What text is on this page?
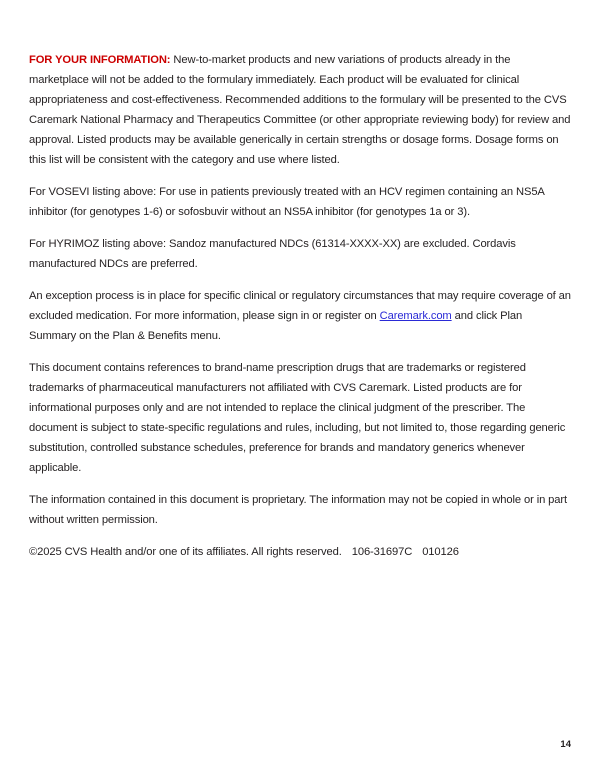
FOR YOUR INFORMATION: New-to-market products and new variations of products already in the marketplace will not be added to the formulary immediately. Each product will be evaluated for clinical appropriateness and cost-effectiveness. Recommended additions to the formulary will be presented to the CVS Caremark National Pharmacy and Therapeutics Committee (or other appropriate reviewing body) for review and approval. Listed products may be available generically in certain strengths or dosage forms. Dosage forms on this list will be consistent with the category and use where listed.

For VOSEVI listing above: For use in patients previously treated with an HCV regimen containing an NS5A inhibitor (for genotypes 1-6) or sofosbuvir without an NS5A inhibitor (for genotypes 1a or 3).

For HYRIMOZ listing above: Sandoz manufactured NDCs (61314-XXXX-XX) are excluded. Cordavis manufactured NDCs are preferred.

An exception process is in place for specific clinical or regulatory circumstances that may require coverage of an excluded medication. For more information, please sign in or register on Caremark.com and click Plan Summary on the Plan & Benefits menu.

This document contains references to brand-name prescription drugs that are trademarks or registered trademarks of pharmaceutical manufacturers not affiliated with CVS Caremark. Listed products are for informational purposes only and are not intended to replace the clinical judgment of the prescriber. The document is subject to state-specific regulations and rules, including, but not limited to, those regarding generic substitution, controlled substance schedules, preference for brands and mandatory generics whenever applicable.

The information contained in this document is proprietary. The information may not be copied in whole or in part without written permission.

©2025 CVS Health and/or one of its affiliates. All rights reserved. 106-31697C 010126

14
